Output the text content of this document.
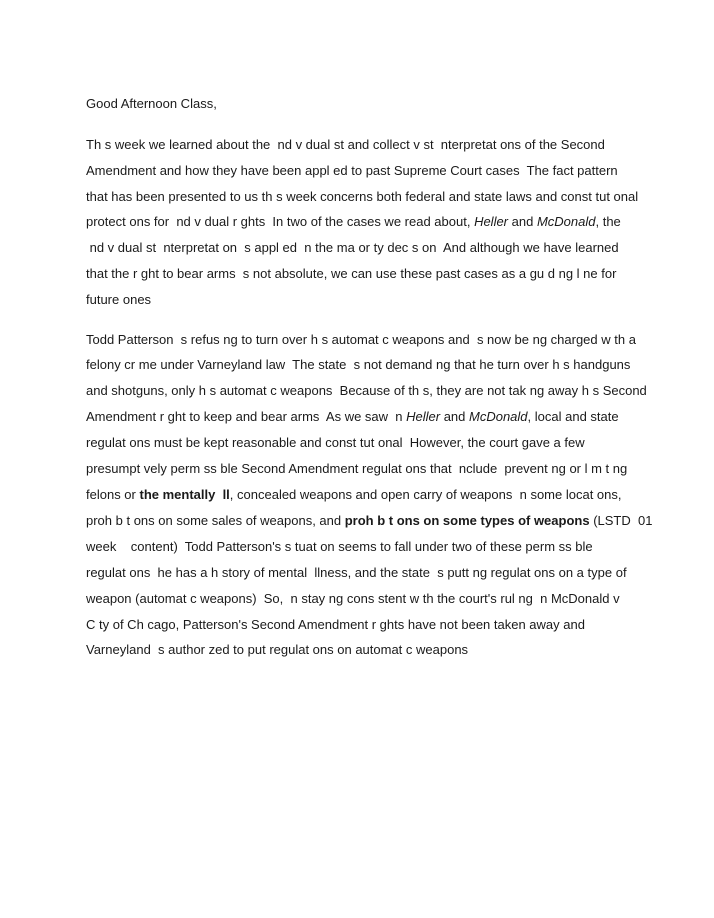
Good Afternoon Class,
Th s week we learned about the  nd v dual st and collect v st  nterpretat ons of the Second
Amendment and how they have been appl ed to past Supreme Court cases  The fact pattern
that has been presented to us th s week concerns both federal and state laws and const tut onal
protect ons for  nd v dual r ghts  In two of the cases we read about, Heller and McDonald, the
nd v dual st  nterpretat on  s appl ed  n the ma or ty dec s on  And although we have learned
that the r ght to bear arms  s not absolute, we can use these past cases as a gu d ng l ne for
future ones
Todd Patterson  s refus ng to turn over h s automat c weapons and  s now be ng charged w th a
felony cr me under Varneyland law  The state  s not demand ng that he turn over h s handguns
and shotguns, only h s automat c weapons  Because of th s, they are not tak ng away h s Second
Amendment r ght to keep and bear arms  As we saw  n Heller and McDonald, local and state
regulat ons must be kept reasonable and const tut onal  However, the court gave a few
presumpt vely perm ss ble Second Amendment regulat ons that  nclude  prevent ng or l m t ng
felons or the mentally  ll, concealed weapons and open carry of weapons  n some locat ons,
proh b t ons on some sales of weapons, and proh b t ons on some types of weapons (LSTD  01
week    content)  Todd Patterson's s tuat on seems to fall under two of these perm ss ble
regulat ons  he has a h story of mental  llness, and the state  s putt ng regulat ons on a type of
weapon (automat c weapons)  So,  n stay ng cons stent w th the court's rul ng  n McDonald v
C ty of Ch cago, Patterson's Second Amendment r ghts have not been taken away and
Varneyland  s author zed to put regulat ons on automat c weapons
